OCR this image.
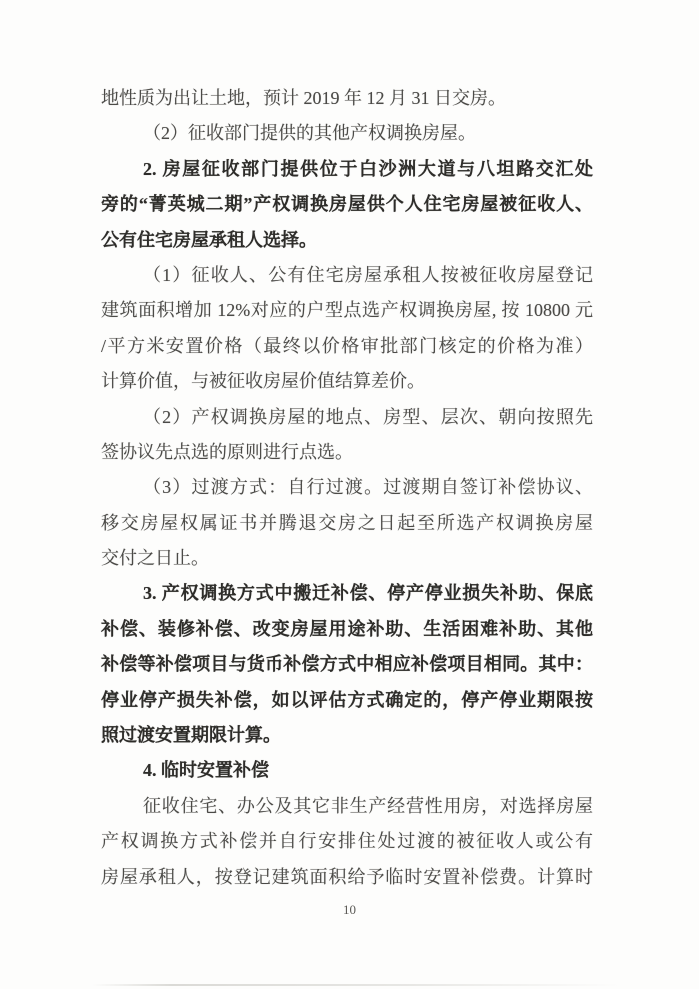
地性质为出让土地，预计 2019 年 12 月 31 日交房。
（2）征收部门提供的其他产权调换房屋。
2. 房屋征收部门提供位于白沙洲大道与八坦路交汇处
旁的“菁英城二期”产权调换房屋供个人住宅房屋被征收人、
公有住宅房屋承租人选择。
（1）征收人、公有住宅房屋承租人按被征收房屋登记
建筑面积增加 12%对应的户型点选产权调换房屋, 按 10800 元
/平方米安置价格（最终以价格审批部门核定的价格为准）
计算价值，与被征收房屋价值结算差价。
（2）产权调换房屋的地点、房型、层次、朝向按照先
签协议先点选的原则进行点选。
（3）过渡方式：自行过渡。过渡期自签订补偿协议、
移交房屋权属证书并腾退交房之日起至所选产权调换房屋
交付之日止。
3. 产权调换方式中搬迁补偿、停产停业损失补助、保底
补偿、装修补偿、改变房屋用途补助、生活困难补助、其他
补偿等补偿项目与货币补偿方式中相应补偿项目相同。其中：
停业停产损失补偿，如以评估方式确定的，停产停业期限按
照过渡安置期限计算。
4. 临时安置补偿
征收住宅、办公及其它非生产经营性用房，对选择房屋
产权调换方式补偿并自行安排住处过渡的被征收人或公有
房屋承租人，按登记建筑面积给予临时安置补偿费。计算时
10
